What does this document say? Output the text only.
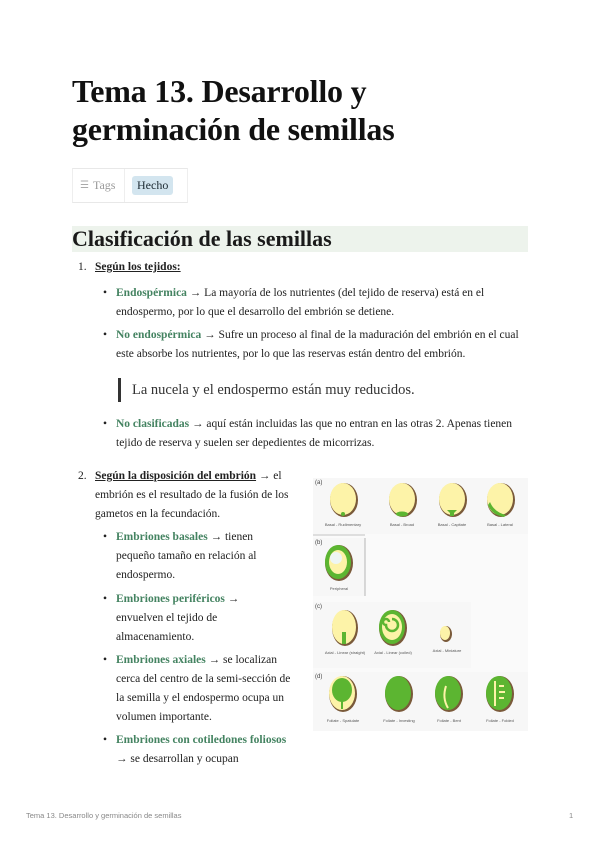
Tema 13. Desarrollo y germinación de semillas
☰ Tags	Hecho
Clasificación de las semillas
1. Según los tejidos:
• Endospérmica → La mayoría de los nutrientes (del tejido de reserva) está en el endospermo, por lo que el desarrollo del embrión se detiene.
• No endospérmica → Sufre un proceso al final de la maduración del embrión en el cual este absorbe los nutrientes, por lo que las reservas están dentro del embrión.
La nucela y el endospermo están muy reducidos.
• No clasificadas → aquí están incluidas las que no entran en las otras 2. Apenas tienen tejido de reserva y suelen ser depedientes de micorrizas.
2. Según la disposición del embrión → el embrión es el resultado de la fusión de los gametos en la fecundación.
• Embriones basales → tienen pequeño tamaño en relación al endospermo.
• Embriones periféricos → envuelven el tejido de almacenamiento.
• Embriones axiales → se localizan cerca del centro de la semi-sección de la semilla y el endospermo ocupa un volumen importante.
• Embriones con cotiledones foliosos → se desarrollan y ocupan
(a)
Basal - Rudimentary	Basal - Broad	Basal - Capitate	Basal - Lateral
(b)
Peripheral
(c)
Axial - Linear (straight)	Axial - Linear (coiled)	Axial - Miniature
(d)
Foliate - Spatulate	Foliate - Investing	Foliate - Bent	Foliate - Folded
Tema 13. Desarrollo y germinación de semillas	1
